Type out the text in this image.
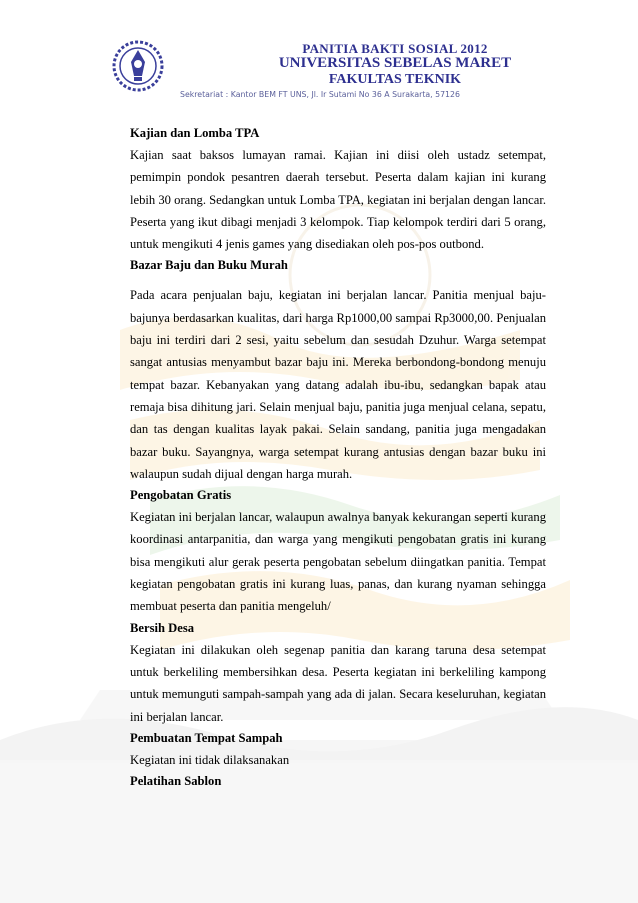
PANITIA BAKTI SOSIAL 2012
UNIVERSITAS SEBELAS MARET
FAKULTAS TEKNIK
Sekretariat : Kantor BEM FT UNS, Jl. Ir Sutami No 36 A Surakarta, 57126
Kajian dan Lomba TPA

Kajian saat baksos lumayan ramai. Kajian ini diisi oleh ustadz setempat, pemimpin pondok pesantren daerah tersebut. Peserta dalam kajian ini kurang lebih 30 orang. Sedangkan untuk Lomba TPA, kegiatan ini berjalan dengan lancar. Peserta yang ikut dibagi menjadi 3 kelompok. Tiap kelompok terdiri dari 5 orang, untuk mengikuti 4 jenis games yang disediakan oleh pos-pos outbond.

Bazar Baju dan Buku Murah

Pada acara penjualan baju, kegiatan ini berjalan lancar. Panitia menjual baju-bajunya berdasarkan kualitas, dari harga Rp1000,00 sampai Rp3000,00. Penjualan baju ini terdiri dari 2 sesi, yaitu sebelum dan sesudah Dzuhur. Warga setempat sangat antusias menyambut bazar baju ini. Mereka berbondong-bondong menuju tempat bazar. Kebanyakan yang datang adalah ibu-ibu, sedangkan bapak atau remaja bisa dihitung jari. Selain menjual baju, panitia juga menjual celana, sepatu, dan tas dengan kualitas layak pakai. Selain sandang, panitia juga mengadakan bazar buku. Sayangnya, warga setempat kurang antusias dengan bazar buku ini walaupun sudah dijual dengan harga murah.

Pengobatan Gratis

Kegiatan ini berjalan lancar, walaupun awalnya banyak kekurangan seperti kurang koordinasi antarpanitia, dan warga yang mengikuti pengobatan gratis ini kurang bisa mengikuti alur gerak peserta pengobatan sebelum diingatkan panitia. Tempat kegiatan pengobatan gratis ini kurang luas, panas, dan kurang nyaman sehingga membuat peserta dan panitia mengeluh/

Bersih Desa

Kegiatan ini dilakukan oleh segenap panitia dan karang taruna desa setempat untuk berkeliling membersihkan desa. Peserta kegiatan ini berkeliling kampong untuk memunguti sampah-sampah yang ada di jalan. Secara keseluruhan, kegiatan ini berjalan lancar.

Pembuatan Tempat Sampah

Kegiatan ini tidak dilaksanakan

Pelatihan Sablon
